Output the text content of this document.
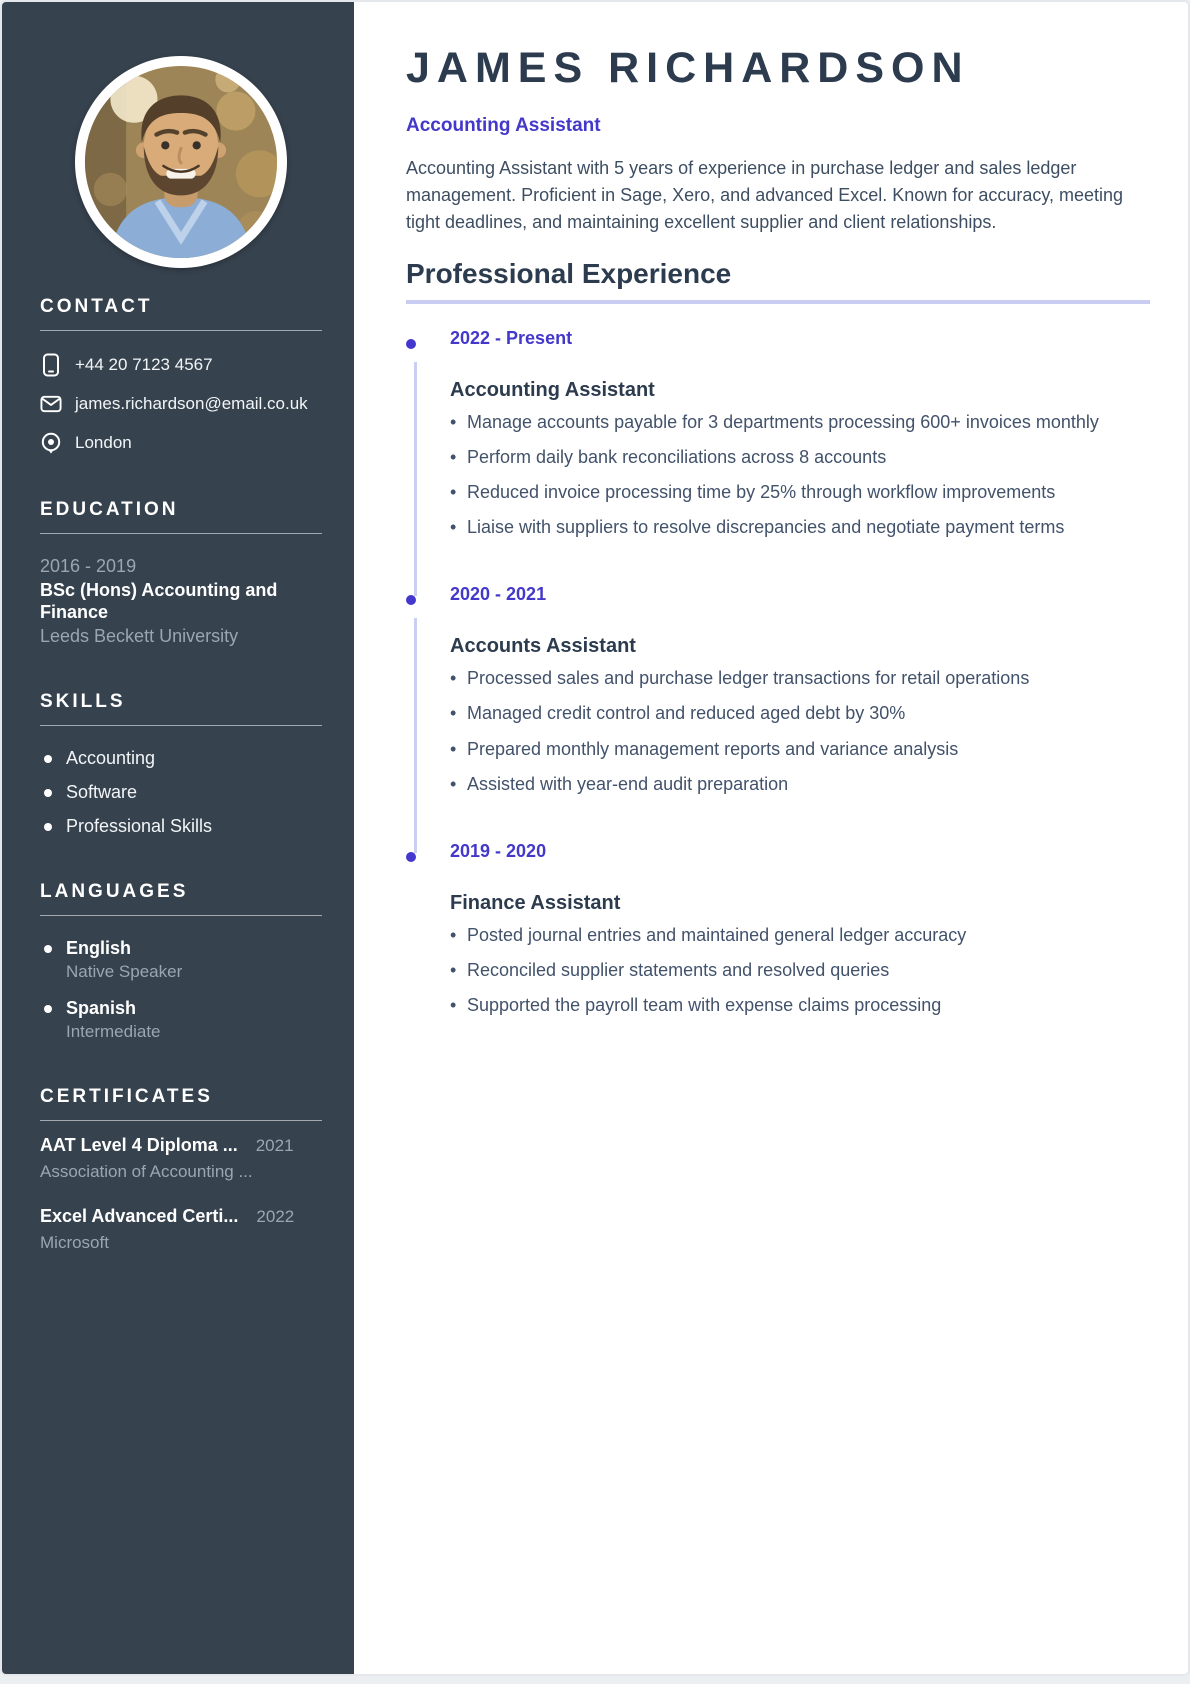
CONTACT
+44 20 7123 4567
james.richardson@email.co.uk
London
EDUCATION
2016 - 2019
BSc (Hons) Accounting and Finance
Leeds Beckett University
SKILLS
Accounting
Software
Professional Skills
LANGUAGES
English
Native Speaker
Spanish
Intermediate
CERTIFICATES
AAT Level 4 Diploma ... 2021
Association of Accounting ...
Excel Advanced Certi... 2022
Microsoft
JAMES RICHARDSON
Accounting Assistant

Accounting Assistant with 5 years of experience in purchase ledger and sales ledger management. Proficient in Sage, Xero, and advanced Excel. Known for accuracy, meeting tight deadlines, and maintaining excellent supplier and client relationships.

Professional Experience
2022 - Present
Accounting Assistant
• Manage accounts payable for 3 departments processing 600+ invoices monthly
• Perform daily bank reconciliations across 8 accounts
• Reduced invoice processing time by 25% through workflow improvements
• Liaise with suppliers to resolve discrepancies and negotiate payment terms
2020 - 2021
Accounts Assistant
• Processed sales and purchase ledger transactions for retail operations
• Managed credit control and reduced aged debt by 30%
• Prepared monthly management reports and variance analysis
• Assisted with year-end audit preparation
2019 - 2020
Finance Assistant
• Posted journal entries and maintained general ledger accuracy
• Reconciled supplier statements and resolved queries
• Supported the payroll team with expense claims processing
